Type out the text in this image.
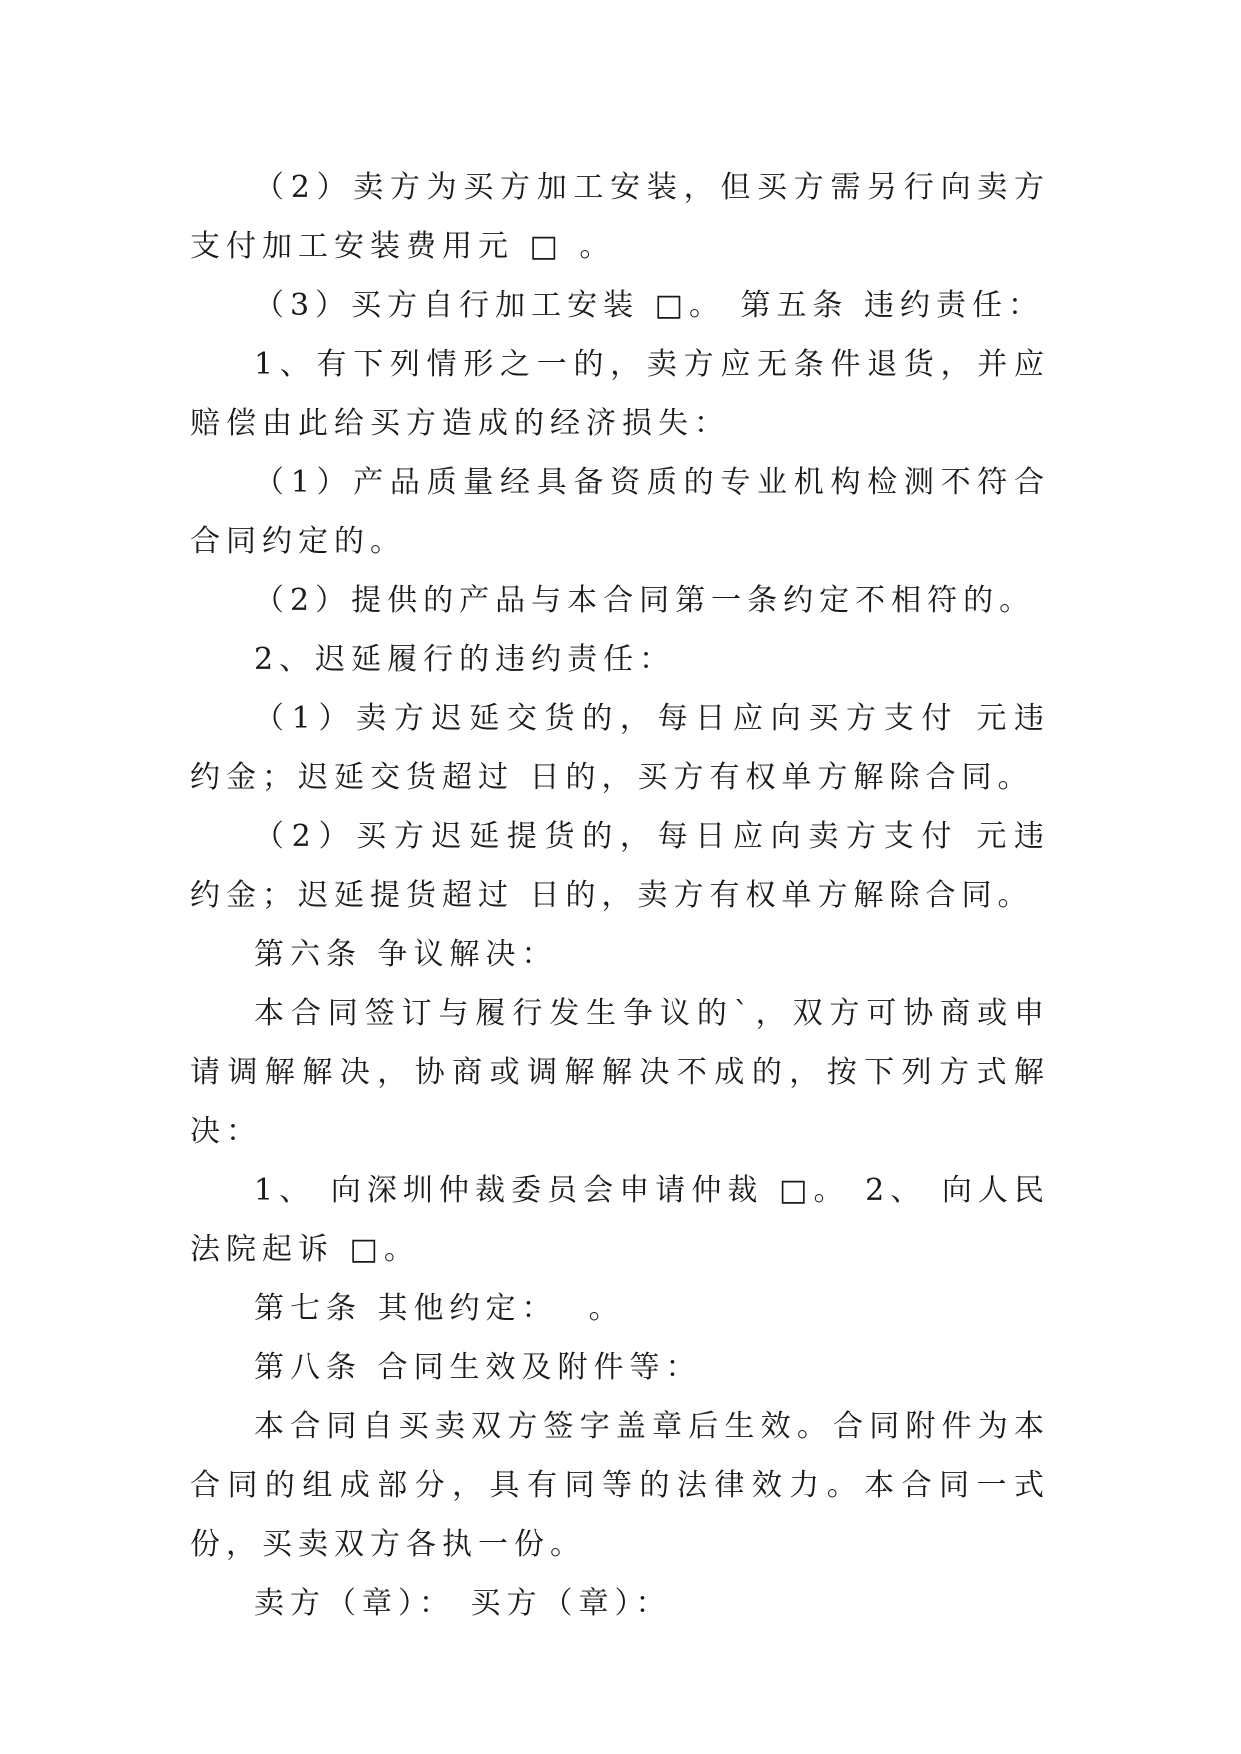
（2）卖方为买方加工安装，但买方需另行向卖方支付加工安装费用元 □ 。

（3）买方自行加工安装 □。 第五条 违约责任：

1、有下列情形之一的，卖方应无条件退货，并应赔偿由此给买方造成的经济损失：

（1）产品质量经具备资质的专业机构检测不符合合同约定的。

（2）提供的产品与本合同第一条约定不相符的。

2、迟延履行的违约责任：

（1）卖方迟延交货的，每日应向买方支付 元违约金；迟延交货超过 日的，买方有权单方解除合同。

（2）买方迟延提货的，每日应向卖方支付 元违约金；迟延提货超过 日的，卖方有权单方解除合同。

第六条 争议解决：

本合同签订与履行发生争议的`，双方可协商或申请调解解决，协商或调解解决不成的，按下列方式解决：

1、 向深圳仲裁委员会申请仲裁 □。 2、 向人民法院起诉 □。

第七条 其他约定：  。

第八条 合同生效及附件等：

本合同自买卖双方签字盖章后生效。合同附件为本合同的组成部分，具有同等的法律效力。本合同一式份，买卖双方各执一份。

卖方（章）： 买方（章）：
